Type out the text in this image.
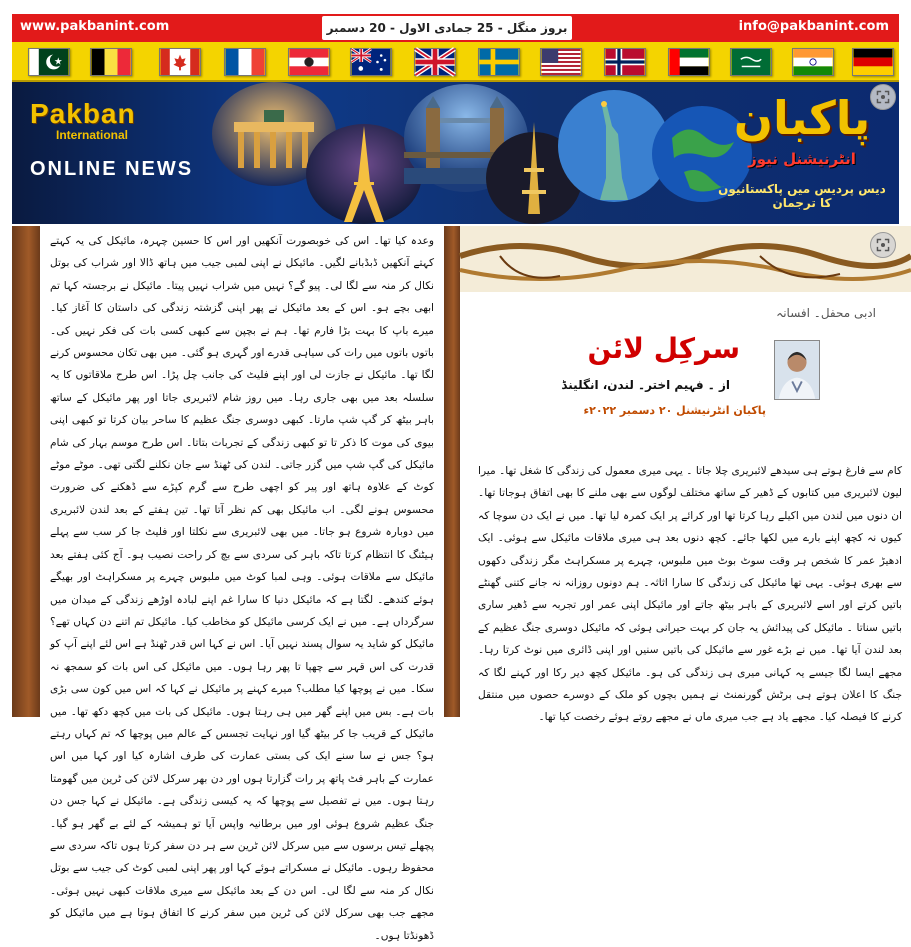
www.pakbanint.com	بروز منگل - 25 جمادی الاول - 20 دسمبر	info@pakbanint.com
Pakban
International
ONLINE NEWS
پاکبان
انٹرنیشنل نیوز
دیس پردیس میں پاکستانیوں کا ترجمان

وعدہ کیا تھا۔ اس کی خوبصورت آنکھیں اور اس کا حسین چہرہ، مائیکل کی یہ کہتے کہتے آنکھیں ڈبڈبانے لگیں۔ مائیکل نے اپنی لمبی جیب میں ہاتھ ڈالا اور شراب کی بوتل نکال کر منہ سے لگا لی۔ پیو گے؟ نہیں میں شراب نہیں پیتا۔ مائیکل نے برجستہ کہا تم ابھی بچے ہو۔ اس کے بعد مائیکل نے پھر اپنی گزشتہ زندگی کی داستان کا آغاز کیا۔ میرے باپ کا بہت بڑا فارم تھا۔ ہم نے بچپن سے کبھی کسی بات کی فکر نہیں کی۔ باتوں باتوں میں رات کی سیاہی قدرے اور گہری ہو گئی۔ میں بھی تکان محسوس کرنے لگا تھا۔ مائیکل نے جازت لی اور اپنے فلیٹ کی جانب چل پڑا۔ اس طرح ملاقاتوں کا یہ سلسلہ بعد میں بھی جاری رہا۔ میں روز شام لائبریری جاتا اور پھر مائیکل کے ساتھ باہر بیٹھ کر گپ شپ مارتا۔ کبھی دوسری جنگ عظیم کا ساحر بیان کرتا تو کبھی اپنی بیوی کی موت کا ذکر تا تو کبھی زندگی کے تجربات بتاتا۔ اس طرح موسم بہار کی شام مائیکل کی گپ شپ میں گزر جاتی۔ لندن کی ٹھنڈ سے جان نکلنے لگتی تھی۔ موٹے موٹے کوٹ کے علاوہ ہاتھ اور پیر کو اچھی طرح سے گرم کپڑے سے ڈھکنے کی ضرورت محسوس ہونے لگی۔ اب مائیکل بھی کم نظر آتا تھا۔ تین ہفتے کے بعد لندن لائبریری میں دوبارہ شروع ہو جاتا۔ میں بھی لائبریری سے نکلتا اور فلیٹ جا کر سب سے پہلے ہیٹنگ کا انتظام کرتا تاکہ باہر کی سردی سے بچ کر راحت نصیب ہو۔ آج کئی ہفتے بعد مائیکل سے ملاقات ہوئی۔ وہی لمبا کوٹ میں ملبوس چہرے پر مسکراہٹ اور بھیگے ہوئے کندھے۔ لگتا ہے کہ مائیکل دنیا کا سارا غم اپنے لبادہ اوڑھے زندگی کے میدان میں سرگرداں ہے۔ میں نے ایک کرسی مائیکل کو مخاطب کیا۔ مائیکل تم اتنے دن کہاں تھے؟ مائیکل کو شاید یہ سوال پسند نہیں آیا۔ اس نے کہا اس قدر ٹھنڈ ہے اس لئے اپنے آپ کو قدرت کی اس قہر سے چھپا تا پھر رہا ہوں۔ میں مائیکل کی اس بات کو سمجھ نہ سکا۔ میں نے پوچھا کیا مطلب؟ میرے کہنے پر مائیکل نے کہا کہ اس میں کون سی بڑی بات ہے۔ بس میں اپنے گھر میں ہی رہتا ہوں۔ مائیکل کی بات میں کچھ دکھ تھا۔ میں مائیکل کے قریب جا کر بیٹھ گیا اور نہایت تجسس کے عالم میں پوچھا کہ تم کہاں رہتے ہو؟ جس نے سا سنے ایک کی بستی عمارت کی طرف اشارہ کیا اور کہا میں اس عمارت کے باہر فٹ پاتھ پر رات گزارتا ہوں اور دن بھر سرکل لائن کی ٹرین میں گھومتا رہتا ہوں۔ میں نے تفصیل سے پوچھا کہ یہ کیسی زندگی ہے۔ مائیکل نے کہا جس دن جنگ عظیم شروع ہوئی اور میں برطانیہ واپس آیا تو ہمیشہ کے لئے بے گھر ہو گیا۔ پچھلے تیس برسوں سے میں سرکل لائن ٹرین سے ہر دن سفر کرتا ہوں تاکہ سردی سے محفوظ رہوں۔ مائیکل نے مسکراتے ہوئے کہا اور پھر اپنی لمبی کوٹ کی جیب سے بوتل نکال کر منہ سے لگا لی۔ اس دن کے بعد مائیکل سے میری ملاقات کبھی نہیں ہوئی۔ مجھے جب بھی سرکل لائن کی ٹرین میں سفر کرنے کا اتفاق ہوتا ہے میں مائیکل کو ڈھونڈتا ہوں۔

ادبی محفل۔ افسانہ
سرکِل لائن
از ۔ فہیم اختر۔ لندن، انگلینڈ
پاکبان انٹرنیشنل ۲۰ دسمبر ۲۰۲۲ء

کام سے فارغ ہوتے ہی سیدھے لائبریری چلا جاتا ۔ یہی میری معمول کی زندگی کا شغل تھا۔ میرا لیون لائبریری میں کتابوں کے ڈھیر کے ساتھ مختلف لوگوں سے بھی ملنے کا بھی اتفاق ہوجاتا تھا۔ ان دنوں میں لندن میں اکیلے رہا کرتا تھا اور کرائے پر ایک کمرہ لیا تھا۔ میں نے ایک دن سوچا کہ کیوں نہ کچھ اپنے بارے میں لکھا جائے۔ کچھ دنوں بعد ہی میری ملاقات مائیکل سے ہوئی۔ ایک ادھیڑ عمر کا شخص ہر وقت سوٹ بوٹ میں ملبوس، چہرے پر مسکراہٹ مگر زندگی دکھوں سے بھری ہوئی۔ یہی تھا مائیکل کی زندگی کا سارا اثاثہ۔ ہم دونوں روزانہ نہ جانے کتنی گھنٹے باتیں کرتے اور اسے لائبریری کے باہر بیٹھ جاتے اور مائیکل اپنی عمر اور تجربہ سے ڈھیر ساری باتیں سناتا ۔ مائیکل کی پیدائش یہ جان کر بہت حیرانی ہوئی کہ مائیکل دوسری جنگ عظیم کے بعد لندن آیا تھا۔ میں نے بڑے غور سے مائیکل کی باتیں سنیں اور اپنی ڈائری میں نوٹ کرتا رہا۔ مجھے ایسا لگا جیسے یہ کہانی میری ہی زندگی کی ہو۔ مائیکل کچھ دیر رکا اور کہنے لگا کہ جنگ کا اعلان ہوتے ہی برٹش گورنمنٹ نے ہمیں بچوں کو ملک کے دوسرے حصوں میں منتقل کرنے کا فیصلہ کیا۔ مجھے یاد ہے جب میری ماں نے مجھے روتے ہوئے رخصت کیا تھا۔
